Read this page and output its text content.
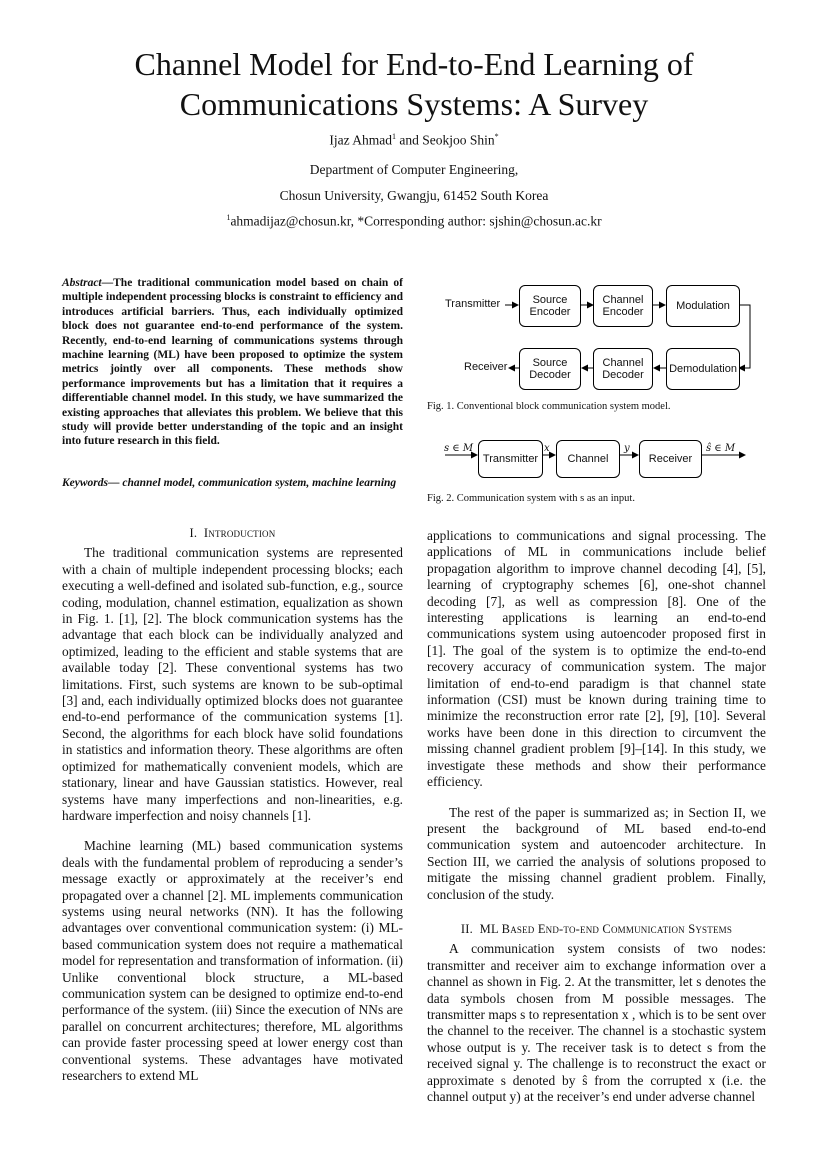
Channel Model for End-to-End Learning of
Communications Systems: A Survey
Ijaz Ahmad$^1$ and Seokjoo Shin*
Department of Computer Engineering,
Chosun University, Gwangju, 61452 South Korea
$^1$ahmadijaz@chosun.kr, *Corresponding author: sjshin@chosun.ac.kr
Abstract—The traditional communication model based on chain of multiple independent processing blocks is constraint to efficiency and introduces artificial barriers. Thus, each individually optimized block does not guarantee end-to-end performance of the system. Recently, end-to-end learning of communications systems through machine learning (ML) have been proposed to optimize the system metrics jointly over all components. These methods show performance improvements but has a limitation that it requires a differentiable channel model. In this study, we have summarized the existing approaches that alleviates this problem. We believe that this study will provide better understanding of the topic and an insight into future research in this field.
Keywords— channel model, communication system, machine learning
I. Introduction

The traditional communication systems are represented with a chain of multiple independent processing blocks; each executing a well-defined and isolated sub-function, e.g., source coding, modulation, channel estimation, equalization as shown in Fig. 1. [1], [2]. The block communication systems has the advantage that each block can be individually analyzed and optimized, leading to the efficient and stable systems that are available today [2]. These conventional systems has two limitations. First, such systems are known to be sub-optimal [3] and, each individually optimized blocks does not guarantee end-to-end performance of the communication systems [1]. Second, the algorithms for each block have solid foundations in statistics and information theory. These algorithms are often optimized for mathematically convenient models, which are stationary, linear and have Gaussian statistics. However, real systems have many imperfections and non-linearities, e.g. hardware imperfection and noisy channels [1].

Machine learning (ML) based communication systems deals with the fundamental problem of reproducing a sender’s message exactly or approximately at the receiver’s end propagated over a channel [2]. ML implements communication systems using neural networks (NN). It has the following advantages over conventional communication system: (i) ML-based communication system does not require a mathematical model for representation and transformation of information. (ii) Unlike conventional block structure, a ML-based communication system can be designed to optimize end-to-end performance of the system. (iii) Since the execution of NNs are parallel on concurrent architectures; therefore, ML algorithms can provide faster processing speed at lower energy cost than conventional systems. These advantages have motivated researchers to extend ML

applications to communications and signal processing. The applications of ML in communications include belief propagation algorithm to improve channel decoding [4], [5], learning of cryptography schemes [6], one-shot channel decoding [7], as well as compression [8]. One of the interesting applications is learning an end-to-end communications system using autoencoder proposed first in [1]. The goal of the system is to optimize the end-to-end recovery accuracy of communication system. The major limitation of end-to-end paradigm is that channel state information (CSI) must be known during training time to minimize the reconstruction error rate [2], [9], [10]. Several works have been done in this direction to circumvent the missing channel gradient problem [9]–[14]. In this study, we investigate these methods and show their performance efficiency.

The rest of the paper is summarized as; in Section II, we present the background of ML based end-to-end communication system and autoencoder architecture. In Section III, we carried the analysis of solutions proposed to mitigate the missing channel gradient problem. Finally, conclusion of the study.

II. ML Based End-to-end Communication Systems

A communication system consists of two nodes: transmitter and receiver aim to exchange information over a channel as shown in Fig. 2. At the transmitter, let s denotes the data symbols chosen from M possible messages. The transmitter maps s to representation x , which is to be sent over the channel to the receiver. The channel is a stochastic system whose output is y. The receiver task is to detect s from the received signal y. The challenge is to reconstruct the exact or approximate s denoted by ŝ from the corrupted x (i.e. the channel output y) at the receiver’s end under adverse channel

Transmitter	Source Encoder
Channel Encoder
Modulation
Receiver	Source Decoder
Channel Decoder
Demodulation
Fig. 1. Conventional block communication system model.
s ∈ M
Transmitter
x
Channel
y
Receiver
ŝ ∈ M
Fig. 2. Communication system with s as an input.
